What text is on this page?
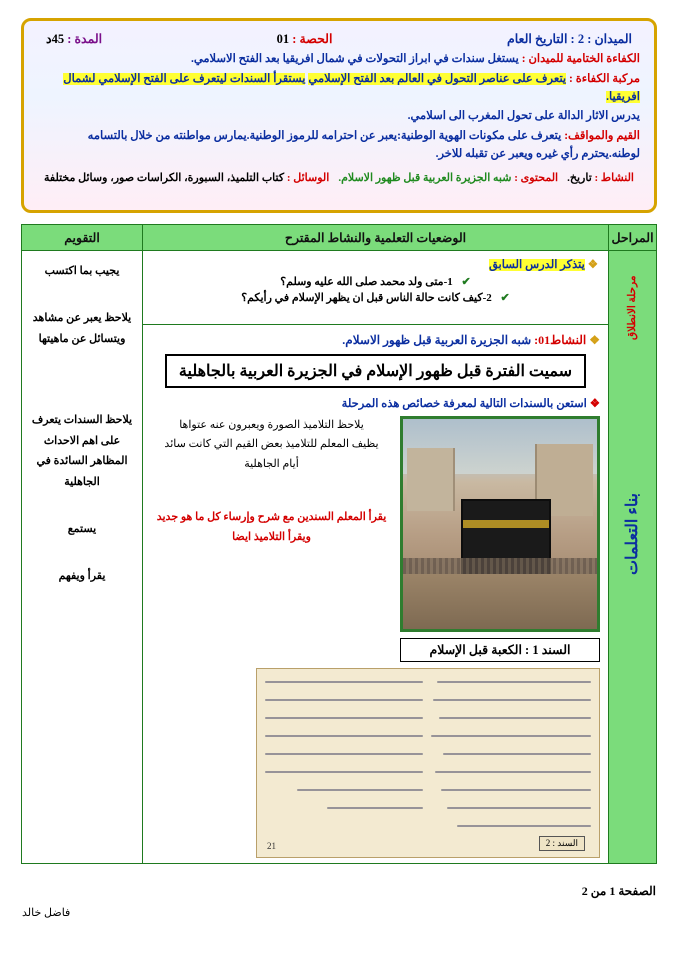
الميدان : 2 : التاريخ العام
الحصة : 01
المدة : 45د
الكفاءة الختامية للميدان : يستغل سندات في ابراز التحولات في شمال افريقيا بعد الفتح الاسلامي.
مركبة الكفاءة : يتعرف على عناصر التحول في العالم بعد الفتح الإسلامي يستقرأ السندات ليتعرف على الفتح الإسلامي لشمال افريقيا.
يدرس الاثار الدالة على تحول المغرب الى اسلامي.
القيم والمواقف: يتعرف على مكونات الهوية الوطنية:يعبر عن احترامه للرموز الوطنية.يمارس مواطنته من خلال بالتسامه لوطنه.يحترم رأي غيره ويعبر عن تقبله للاخر.
النشاط : تاريخ.
المحتوى : شبه الجزيرة العربية قبل ظهور الاسلام.
الوسائل : كتاب التلميذ، السبورة، الكراسات صور، وسائل مختلفة
المراحل
مرحلة الانطلاق
بناء التعلمات
الوضعيات التعلمية والنشاط المقترح
❖ يتذكر الدرس السابق
✔ 1-متى ولد محمد صلى الله عليه وسلم؟
✔ 2-كيف كانت حالة الناس قبل ان يظهر الإسلام في رأيكم؟
❖ النشاط01: شبه الجزيرة العربية قبل ظهور الاسلام.
سميت الفترة قبل ظهور الإسلام في الجزيرة العربية بالجاهلية
❖ استعن بالسندات التالية لمعرفة خصائص هذه المرحلة
السند 1 : الكعبة قبل الإسلام
يلاحظ التلاميذ الصورة ويعبرون عنه عتواها
يظيف المعلم للتلاميذ بعض القيم التي كانت سائد
أيام الجاهلية
يقرأ المعلم السندين مع شرح وإرساء كل ما هو جديد
ويقرأ التلاميذ ايضا
السند : 2
21
التقويم
يجيب بما اكتسب
يلاحظ يعبر عن مشاهد ويتسائل عن ماهيتها
يلاحظ السندات يتعرف على اهم الاحداث المظاهر السائدة في الجاهلية
يستمع
يقرأ ويفهم
الصفحة 1 من 2
فاضل خالد
